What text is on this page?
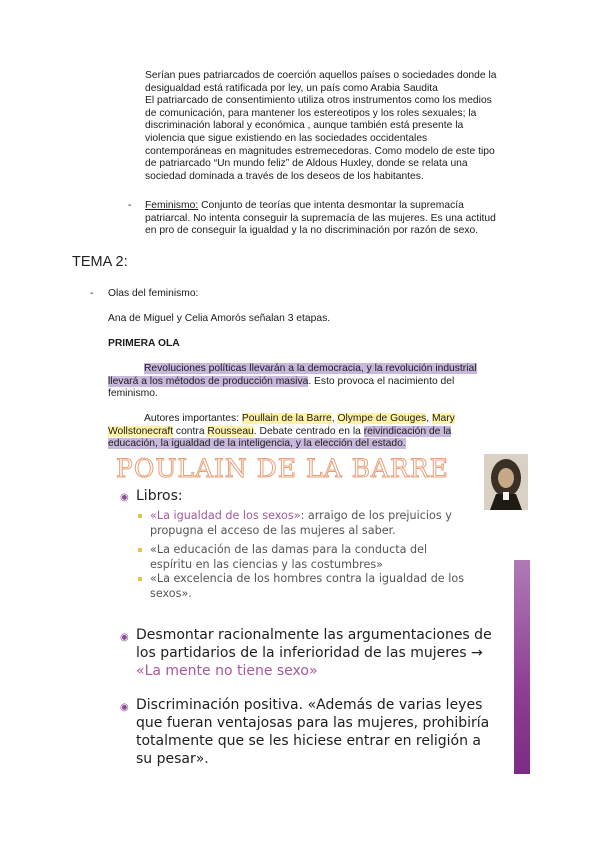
Serían pues patriarcados de coerción aquellos países o sociedades donde la
desigualdad está ratificada por ley, un país como Arabia Saudita
El patriarcado de consentimiento utiliza otros instrumentos como los medios
de comunicación, para mantener los estereotipos y los roles sexuales; la
discriminación laboral y económica , aunque también está presente la
violencia que sigue existiendo en las sociedades occidentales
contemporáneas en magnitudes estremecedoras. Como modelo de este tipo
de patriarcado “Un mundo feliz” de Aldous Huxley, donde se relata una
sociedad dominada a través de los deseos de los habitantes.
- Feminismo: Conjunto de teorías que intenta desmontar la supremacía
patriarcal. No intenta conseguir la supremacía de las mujeres. Es una actitud
en pro de conseguir la igualdad y la no discriminación por razón de sexo.
TEMA 2:
- Olas del feminismo:
Ana de Miguel y Celia Amorós señalan 3 etapas.
PRIMERA OLA
Revoluciones políticas llevarán a la democracia, y la revolución industrial
llevará a los métodos de producción masiva. Esto provoca el nacimiento del
feminismo.
Autores importantes: Poullain de la Barre, Olympe de Gouges, Mary
Wollstonecraft contra Rousseau. Debate centrado en la reivindicación de la
educación, la igualdad de la inteligencia, y la elección del estado.
POULAIN DE LA BARRE
◉ Libros:
«La igualdad de los sexos»: arraigo de los prejuicios y
propugna el acceso de las mujeres al saber.
«La educación de las damas para la conducta del
espíritu en las ciencias y las costumbres»
«La excelencia de los hombres contra la igualdad de los
sexos».
◉ Desmontar racionalmente las argumentaciones de
los partidarios de la inferioridad de las mujeres →
«La mente no tiene sexo»
◉ Discriminación positiva. «Además de varias leyes
que fueran ventajosas para las mujeres, prohibiría
totalmente que se les hiciese entrar en religión a
su pesar».
